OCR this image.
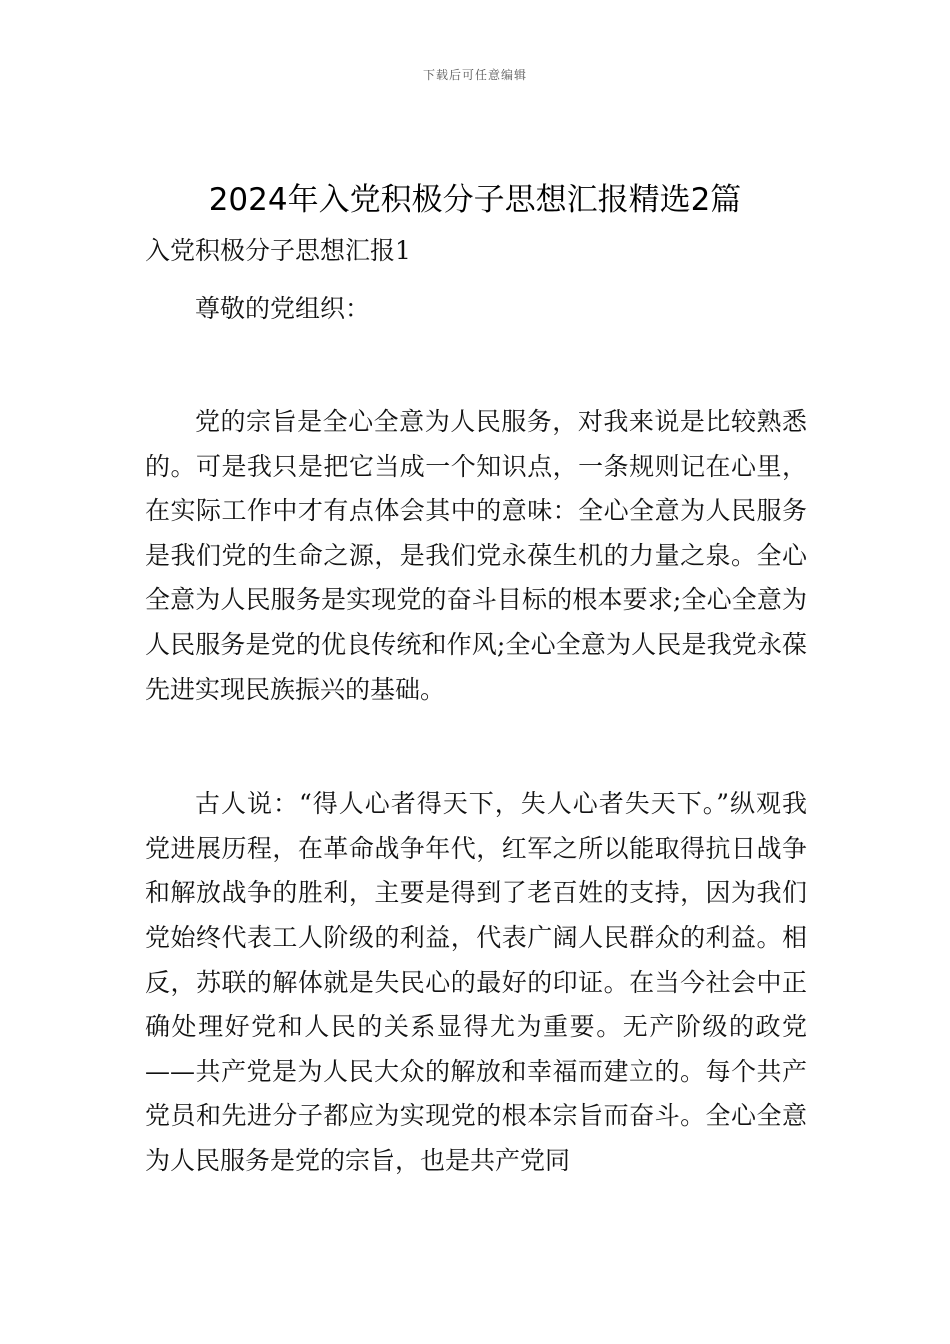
下载后可任意编辑
2024年入党积极分子思想汇报精选2篇

入党积极分子思想汇报1

尊敬的党组织：

党的宗旨是全心全意为人民服务，对我来说是比较熟悉的。可是我只是把它当成一个知识点，一条规则记在心里，在实际工作中才有点体会其中的意味：全心全意为人民服务是我们党的生命之源，是我们党永葆生机的力量之泉。全心全意为人民服务是实现党的奋斗目标的根本要求;全心全意为人民服务是党的优良传统和作风;全心全意为人民是我党永葆先进实现民族振兴的基础。

古人说：“得人心者得天下，失人心者失天下。”纵观我党进展历程，在革命战争年代，红军之所以能取得抗日战争和解放战争的胜利，主要是得到了老百姓的支持，因为我们党始终代表工人阶级的利益，代表广阔人民群众的利益。相反，苏联的解体就是失民心的最好的印证。在当今社会中正确处理好党和人民的关系显得尤为重要。无产阶级的政党——共产党是为人民大众的解放和幸福而建立的。每个共产党员和先进分子都应为实现党的根本宗旨而奋斗。全心全意为人民服务是党的宗旨，也是共产党同
